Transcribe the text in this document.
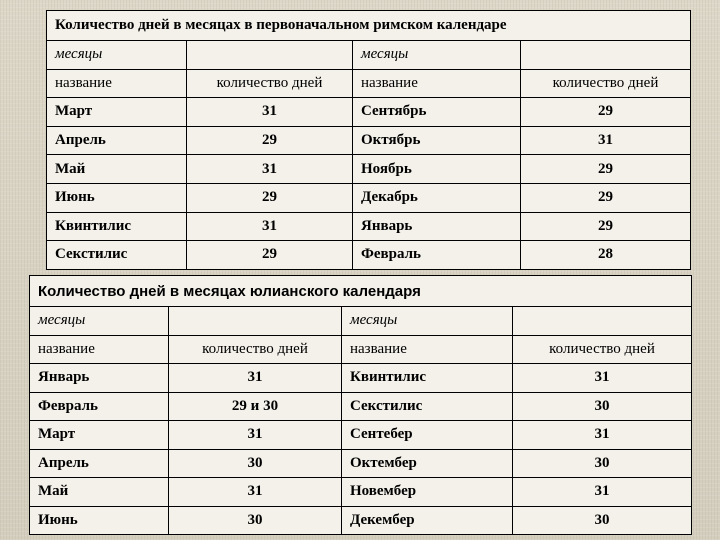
Количество дней в месяцах в первоначальном римском календаре			
месяцы		месяцы	
название	количество дней	название	количество дней
Март	31	Сентябрь	29
Апрель	29	Октябрь	31
Май	31	Ноябрь	29
Июнь	29	Декабрь	29
Квинтилис	31	Январь	29
Секстилис	29	Февраль	28
Количество дней в месяцах юлианского календаря			
месяцы		месяцы	
название	количество дней	название	количество дней
Январь	31	Квинтилис	31
Февраль	29 и 30	Секстилис	30
Март	31	Сентебер	31
Апрель	30	Октембер	30
Май	31	Новембер	31
Июнь	30	Декембер	30
